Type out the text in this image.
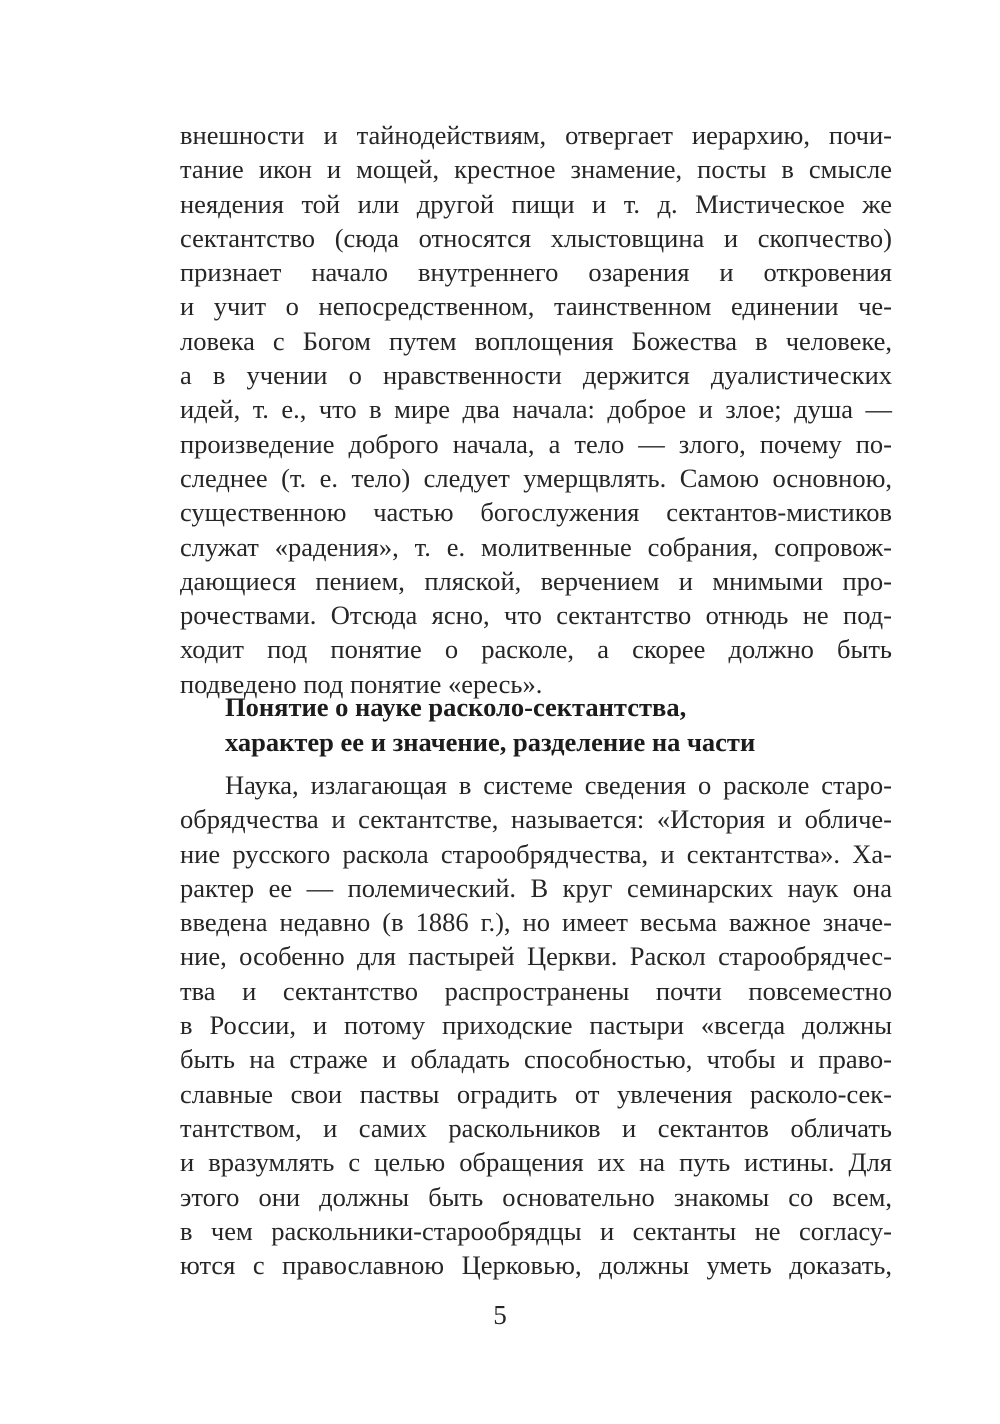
внешности и тайнодействиям, отвергает иерархию, почи-
тание икон и мощей, крестное знамение, посты в смысле
неядения той или другой пищи и т. д. Мистическое же
сектантство (сюда относятся хлыстовщина и скопчество)
признает начало внутреннего озарения и откровения
и учит о непосредственном, таинственном единении че-
ловека с Богом путем воплощения Божества в человеке,
а в учении о нравственности держится дуалистических
идей, т. е., что в мире два начала: доброе и злое; душа —
произведение доброго начала, а тело — злого, почему по-
следнее (т. е. тело) следует умерщвлять. Самою основною,
существенною частью богослужения сектантов-мистиков
служат «радения», т. е. молитвенные собрания, сопровож-
дающиеся пением, пляской, верчением и мнимыми про-
рочествами. Отсюда ясно, что сектантство отнюдь не под-
ходит под понятие о расколе, а скорее должно быть
подведено под понятие «ересь».
Понятие о науке расколо-сектантства,
характер ее и значение, разделение на части
Наука, излагающая в системе сведения о расколе старо-
обрядчества и сектантстве, называется: «История и обличе-
ние русского раскола старообрядчества, и сектантства». Ха-
рактер ее — полемический. В круг семинарских наук она
введена недавно (в 1886 г.), но имеет весьма важное значе-
ние, особенно для пастырей Церкви. Раскол старообрядчес-
тва и сектантство распространены почти повсеместно
в России, и потому приходские пастыри «всегда должны
быть на страже и обладать способностью, чтобы и право-
славные свои паствы оградить от увлечения расколо-сек-
тантством, и самих раскольников и сектантов обличать
и вразумлять с целью обращения их на путь истины. Для
этого они должны быть основательно знакомы со всем,
в чем раскольники-старообрядцы и сектанты не согласу-
ются с православною Церковью, должны уметь доказать,
5
